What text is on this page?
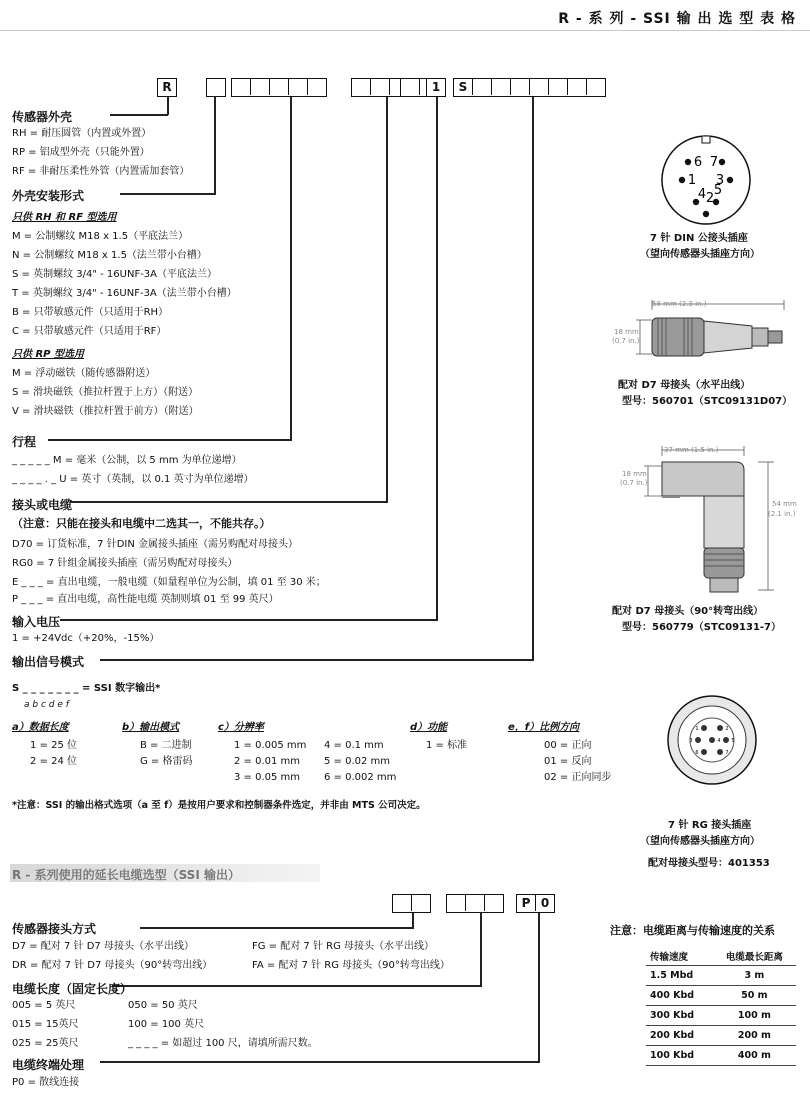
R - 系 列 - SSI 输 出 选 型 表 格
R	1	S
传感器外壳
RH = 耐压圆管（内置或外置）
RP = 铝成型外壳（只能外置）
RF = 非耐压柔性外管（内置需加套管）
外壳安装形式
只供 RH 和 RF 型选用
M = 公制螺纹 M18 x 1.5（平底法兰）
N = 公制螺纹 M18 x 1.5（法兰带小台槽）
S = 英制螺纹 3/4" - 16UNF-3A（平底法兰）
T = 英制螺纹 3/4" - 16UNF-3A（法兰带小台槽）
B = 只带敏感元件（只适用于RH）
C = 只带敏感元件（只适用于RF）
只供 RP 型选用
M = 浮动磁铁（随传感器附送）
S = 滑块磁铁（推拉杆置于上方）（附送）
V = 滑块磁铁（推拉杆置于前方）（附送）
行程
_ _ _ _ _ M = 毫米（公制，以 5 mm 为单位递增）
_ _ _ _ . _ U = 英寸（英制，以 0.1 英寸为单位递增）
接头或电缆
（注意：只能在接头和电缆中二选其一，不能共存。）
D70 = 订货标准，7 针DIN 金属接头插座（需另购配对母接头）
RG0 = 7 针组金属接头插座（需另购配对母接头）
E _ _ _ = 直出电缆，一般电缆（如量程单位为公制，填 01 至 30 米；
P _ _ _ = 直出电缆，高性能电缆 英制则填 01 至 99 英尺）
输入电压
1 = +24Vdc（+20%，-15%）
输出信号模式
S _ _ _ _ _ _ _ = SSI 数字输出*
a b c d e f
a）数据长度
1 = 25 位
2 = 24 位
b）输出模式
B = 二进制
G = 格雷码
c）分辨率
1 = 0.005 mm
2 = 0.01 mm
3 = 0.05 mm
4 = 0.1 mm
5 = 0.02 mm
6 = 0.002 mm
d）功能
1 = 标准
e，f）比例方向
00 = 正向
01 = 反向
02 = 正向同步
*注意：SSI 的输出格式选项（a 至 f）是按用户要求和控制器条件选定，并非由 MTS 公司决定。
6 7
1 3
4 2
5
7 针 DIN 公接头插座
（望向传感器头插座方向）
58 mm (2.3 in.)
18 mm
(0.7 in.)
配对 D7 母接头（水平出线）
型号：560701（STC09131D07）
37 mm (1.5 in.)
18 mm
(0.7 in.)
54 mm
(2.1 in.)
配对 D7 母接头（90°转弯出线）
型号：560779（STC09131-7）
1	2
3	4 5
6	7
7 针 RG 接头插座
（望向传感器头插座方向）
配对母接头型号：401353
R - 系列使用的延长电缆选型（SSI 输出）
P 0
传感器接头方式
D7 = 配对 7 针 D7 母接头（水平出线）
DR = 配对 7 针 D7 母接头（90°转弯出线）
FG = 配对 7 针 RG 母接头（水平出线）
FA = 配对 7 针 RG 母接头（90°转弯出线）
电缆长度（固定长度）
005 = 5 英尺
015 = 15英尺
025 = 25英尺
050 = 50 英尺
100 = 100 英尺
_ _ _ _ = 如超过 100 尺，请填所需尺数。
电缆终端处理
P0 = 散线连接
注意：电缆距离与传输速度的关系
传输速度	电缆最长距离
1.5 Mbd	3 m
400 Kbd	50 m
300 Kbd	100 m
200 Kbd	200 m
100 Kbd	400 m
